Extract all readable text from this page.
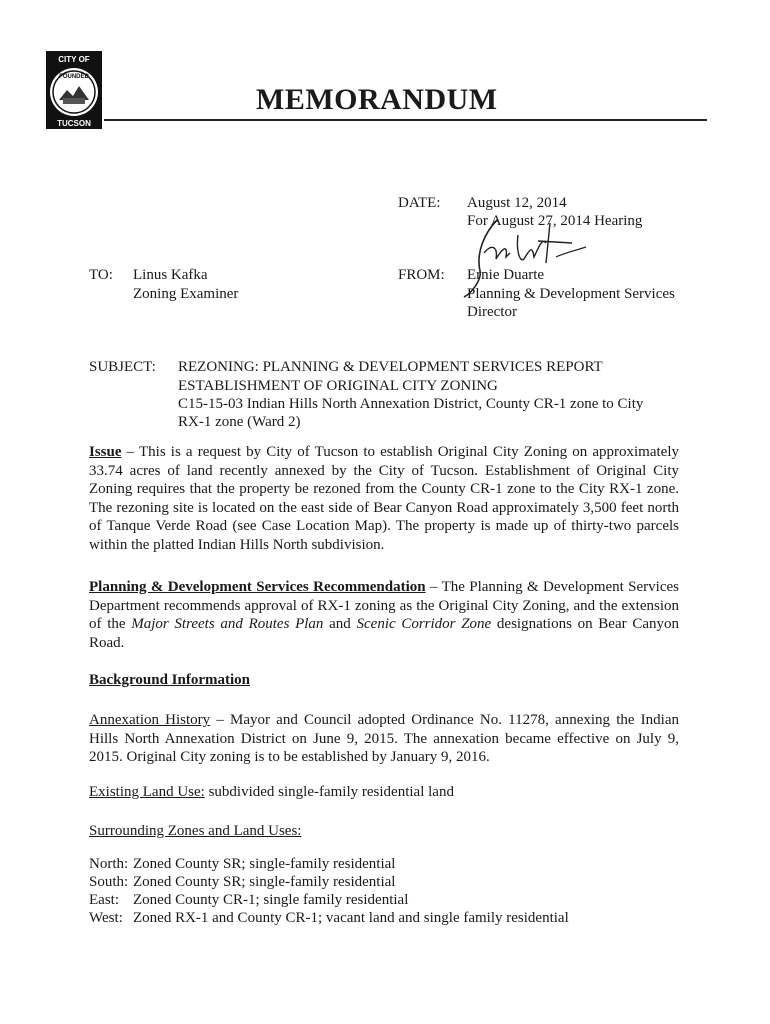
CITY OF
FOUNDED
TUCSON
MEMORANDUM
DATE: August 12, 2014
For August 27, 2014 Hearing
TO: Linus Kafka
Zoning Examiner
FROM: Ernie Duarte
Planning & Development Services
Director
SUBJECT: REZONING: PLANNING & DEVELOPMENT SERVICES REPORT
ESTABLISHMENT OF ORIGINAL CITY ZONING
C15-15-03 Indian Hills North Annexation District, County CR-1 zone to City
RX-1 zone (Ward 2)
Issue – This is a request by City of Tucson to establish Original City Zoning on approximately 33.74 acres of land recently annexed by the City of Tucson. Establishment of Original City Zoning requires that the property be rezoned from the County CR-1 zone to the City RX-1 zone. The rezoning site is located on the east side of Bear Canyon Road approximately 3,500 feet north of Tanque Verde Road (see Case Location Map). The property is made up of thirty-two parcels within the platted Indian Hills North subdivision.
Planning & Development Services Recommendation – The Planning & Development Services Department recommends approval of RX-1 zoning as the Original City Zoning, and the extension of the Major Streets and Routes Plan and Scenic Corridor Zone designations on Bear Canyon Road.
Background Information
Annexation History – Mayor and Council adopted Ordinance No. 11278, annexing the Indian Hills North Annexation District on June 9, 2015. The annexation became effective on July 9, 2015. Original City zoning is to be established by January 9, 2016.
Existing Land Use: subdivided single-family residential land
Surrounding Zones and Land Uses:
North: Zoned County SR; single-family residential
South: Zoned County SR; single-family residential
East: Zoned County CR-1; single family residential
West: Zoned RX-1 and County CR-1; vacant land and single family residential
